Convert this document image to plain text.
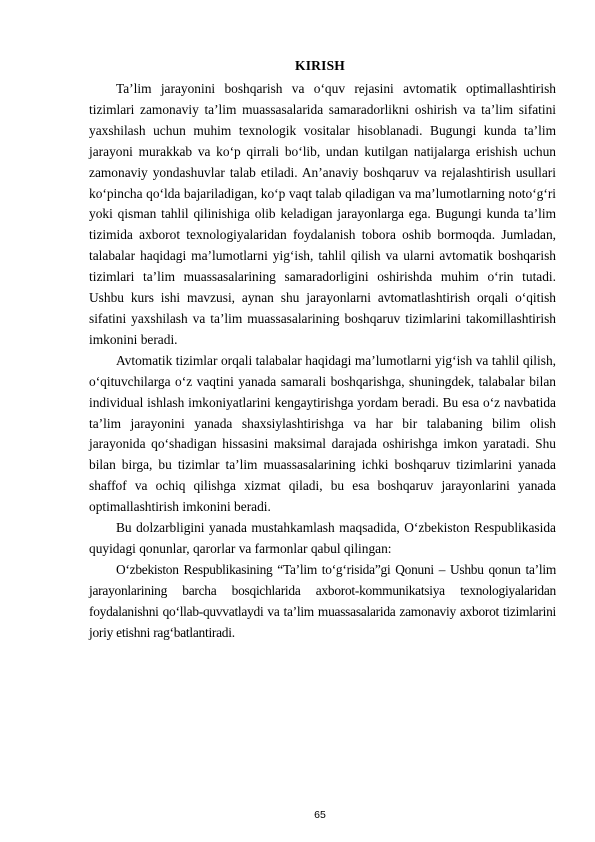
KIRISH

Ta’lim jarayonini boshqarish va o‘quv rejasini avtomatik optimallashtirish tizimlari zamonaviy ta’lim muassasalarida samaradorlikni oshirish va ta’lim sifatini yaxshilash uchun muhim texnologik vositalar hisoblanadi. Bugungi kunda ta’lim jarayoni murakkab va ko‘p qirrali bo‘lib, undan kutilgan natijalarga erishish uchun zamonaviy yondashuvlar talab etiladi. An’anaviy boshqaruv va rejalashtirish usullari ko‘pincha qo‘lda bajariladigan, ko‘p vaqt talab qiladigan va ma’lumotlarning noto‘g‘ri yoki qisman tahlil qilinishiga olib keladigan jarayonlarga ega. Bugungi kunda ta’lim tizimida axborot texnologiyalaridan foydalanish tobora oshib bormoqda. Jumladan, talabalar haqidagi ma’lumotlarni yig‘ish, tahlil qilish va ularni avtomatik boshqarish tizimlari ta’lim muassasalarining samaradorligini oshirishda muhim o‘rin tutadi. Ushbu kurs ishi mavzusi, aynan shu jarayonlarni avtomatlashtirish orqali o‘qitish sifatini yaxshilash va ta’lim muassasalarining boshqaruv tizimlarini takomillashtirish imkonini beradi.

Avtomatik tizimlar orqali talabalar haqidagi ma’lumotlarni yig‘ish va tahlil qilish, o‘qituvchilarga o‘z vaqtini yanada samarali boshqarishga, shuningdek, talabalar bilan individual ishlash imkoniyatlarini kengaytirishga yordam beradi. Bu esa o‘z navbatida ta’lim jarayonini yanada shaxsiylashtirishga va har bir talabaning bilim olish jarayonida qo‘shadigan hissasini maksimal darajada oshirishga imkon yaratadi. Shu bilan birga, bu tizimlar ta’lim muassasalarining ichki boshqaruv tizimlarini yanada shaffof va ochiq qilishga xizmat qiladi, bu esa boshqaruv jarayonlarini yanada optimallashtirish imkonini beradi.

Bu dolzarbligini yanada mustahkamlash maqsadida, O‘zbekiston Respublikasida quyidagi qonunlar, qarorlar va farmonlar qabul qilingan:

O‘zbekiston Respublikasining “Ta’lim to‘g‘risida”gi Qonuni – Ushbu qonun ta’lim jarayonlarining barcha bosqichlarida axborot-kommunikatsiya texnologiyalaridan foydalanishni qo‘llab-quvvatlaydi va ta’lim muassasalarida zamonaviy axborot tizimlarini joriy etishni rag‘batlantiradi.

65
